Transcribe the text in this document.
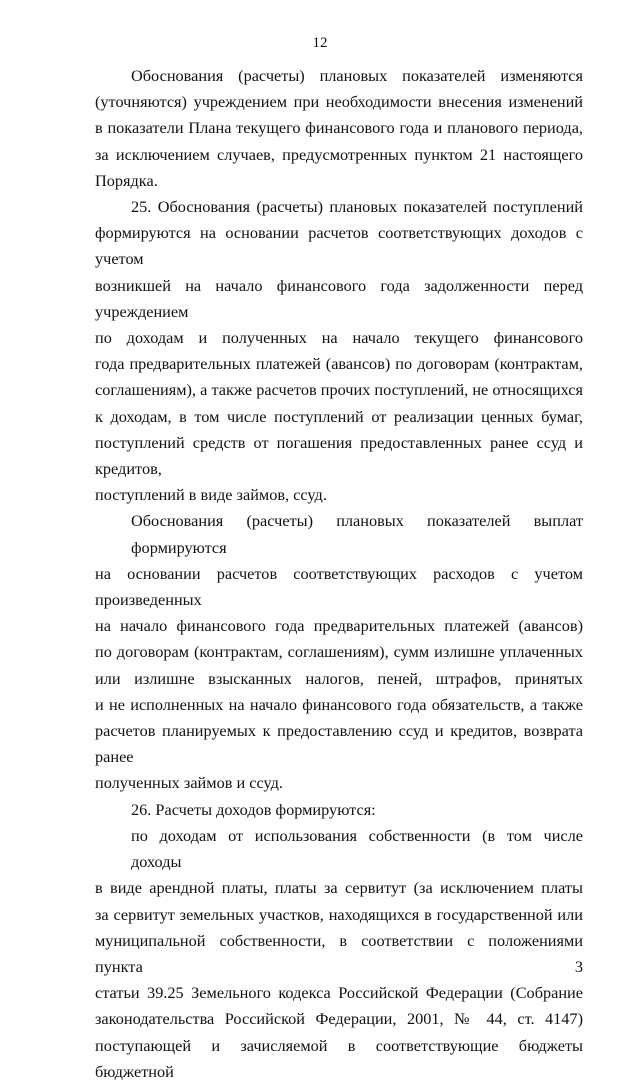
12

Обоснования (расчеты) плановых показателей изменяются
(уточняются) учреждением при необходимости внесения изменений
в показатели Плана текущего финансового года и планового периода,
за исключением случаев, предусмотренных пунктом 21 настоящего
Порядка.

25. Обоснования (расчеты) плановых показателей поступлений
формируются на основании расчетов соответствующих доходов с учетом
возникшей на начало финансового года задолженности перед учреждением
по доходам и полученных на начало текущего финансового
года предварительных платежей (авансов) по договорам (контрактам,
соглашениям), а также расчетов прочих поступлений, не относящихся
к доходам, в том числе поступлений от реализации ценных бумаг,
поступлений средств от погашения предоставленных ранее ссуд и кредитов,
поступлений в виде займов, ссуд.

Обоснования (расчеты) плановых показателей выплат формируются
на основании расчетов соответствующих расходов с учетом произведенных
на начало финансового года предварительных платежей (авансов)
по договорам (контрактам, соглашениям), сумм излишне уплаченных
или излишне взысканных налогов, пеней, штрафов, принятых
и не исполненных на начало финансового года обязательств, а также
расчетов планируемых к предоставлению ссуд и кредитов, возврата ранее
полученных займов и ссуд.

26. Расчеты доходов формируются:

по доходам от использования собственности (в том числе доходы
в виде арендной платы, платы за сервитут (за исключением платы
за сервитут земельных участков, находящихся в государственной или
муниципальной собственности, в соответствии с положениями пункта 3
статьи 39.25 Земельного кодекса Российской Федерации (Собрание
законодательства Российской Федерации, 2001, № 44, ст. 4147)
поступающей и зачисляемой в соответствующие бюджеты бюджетной
